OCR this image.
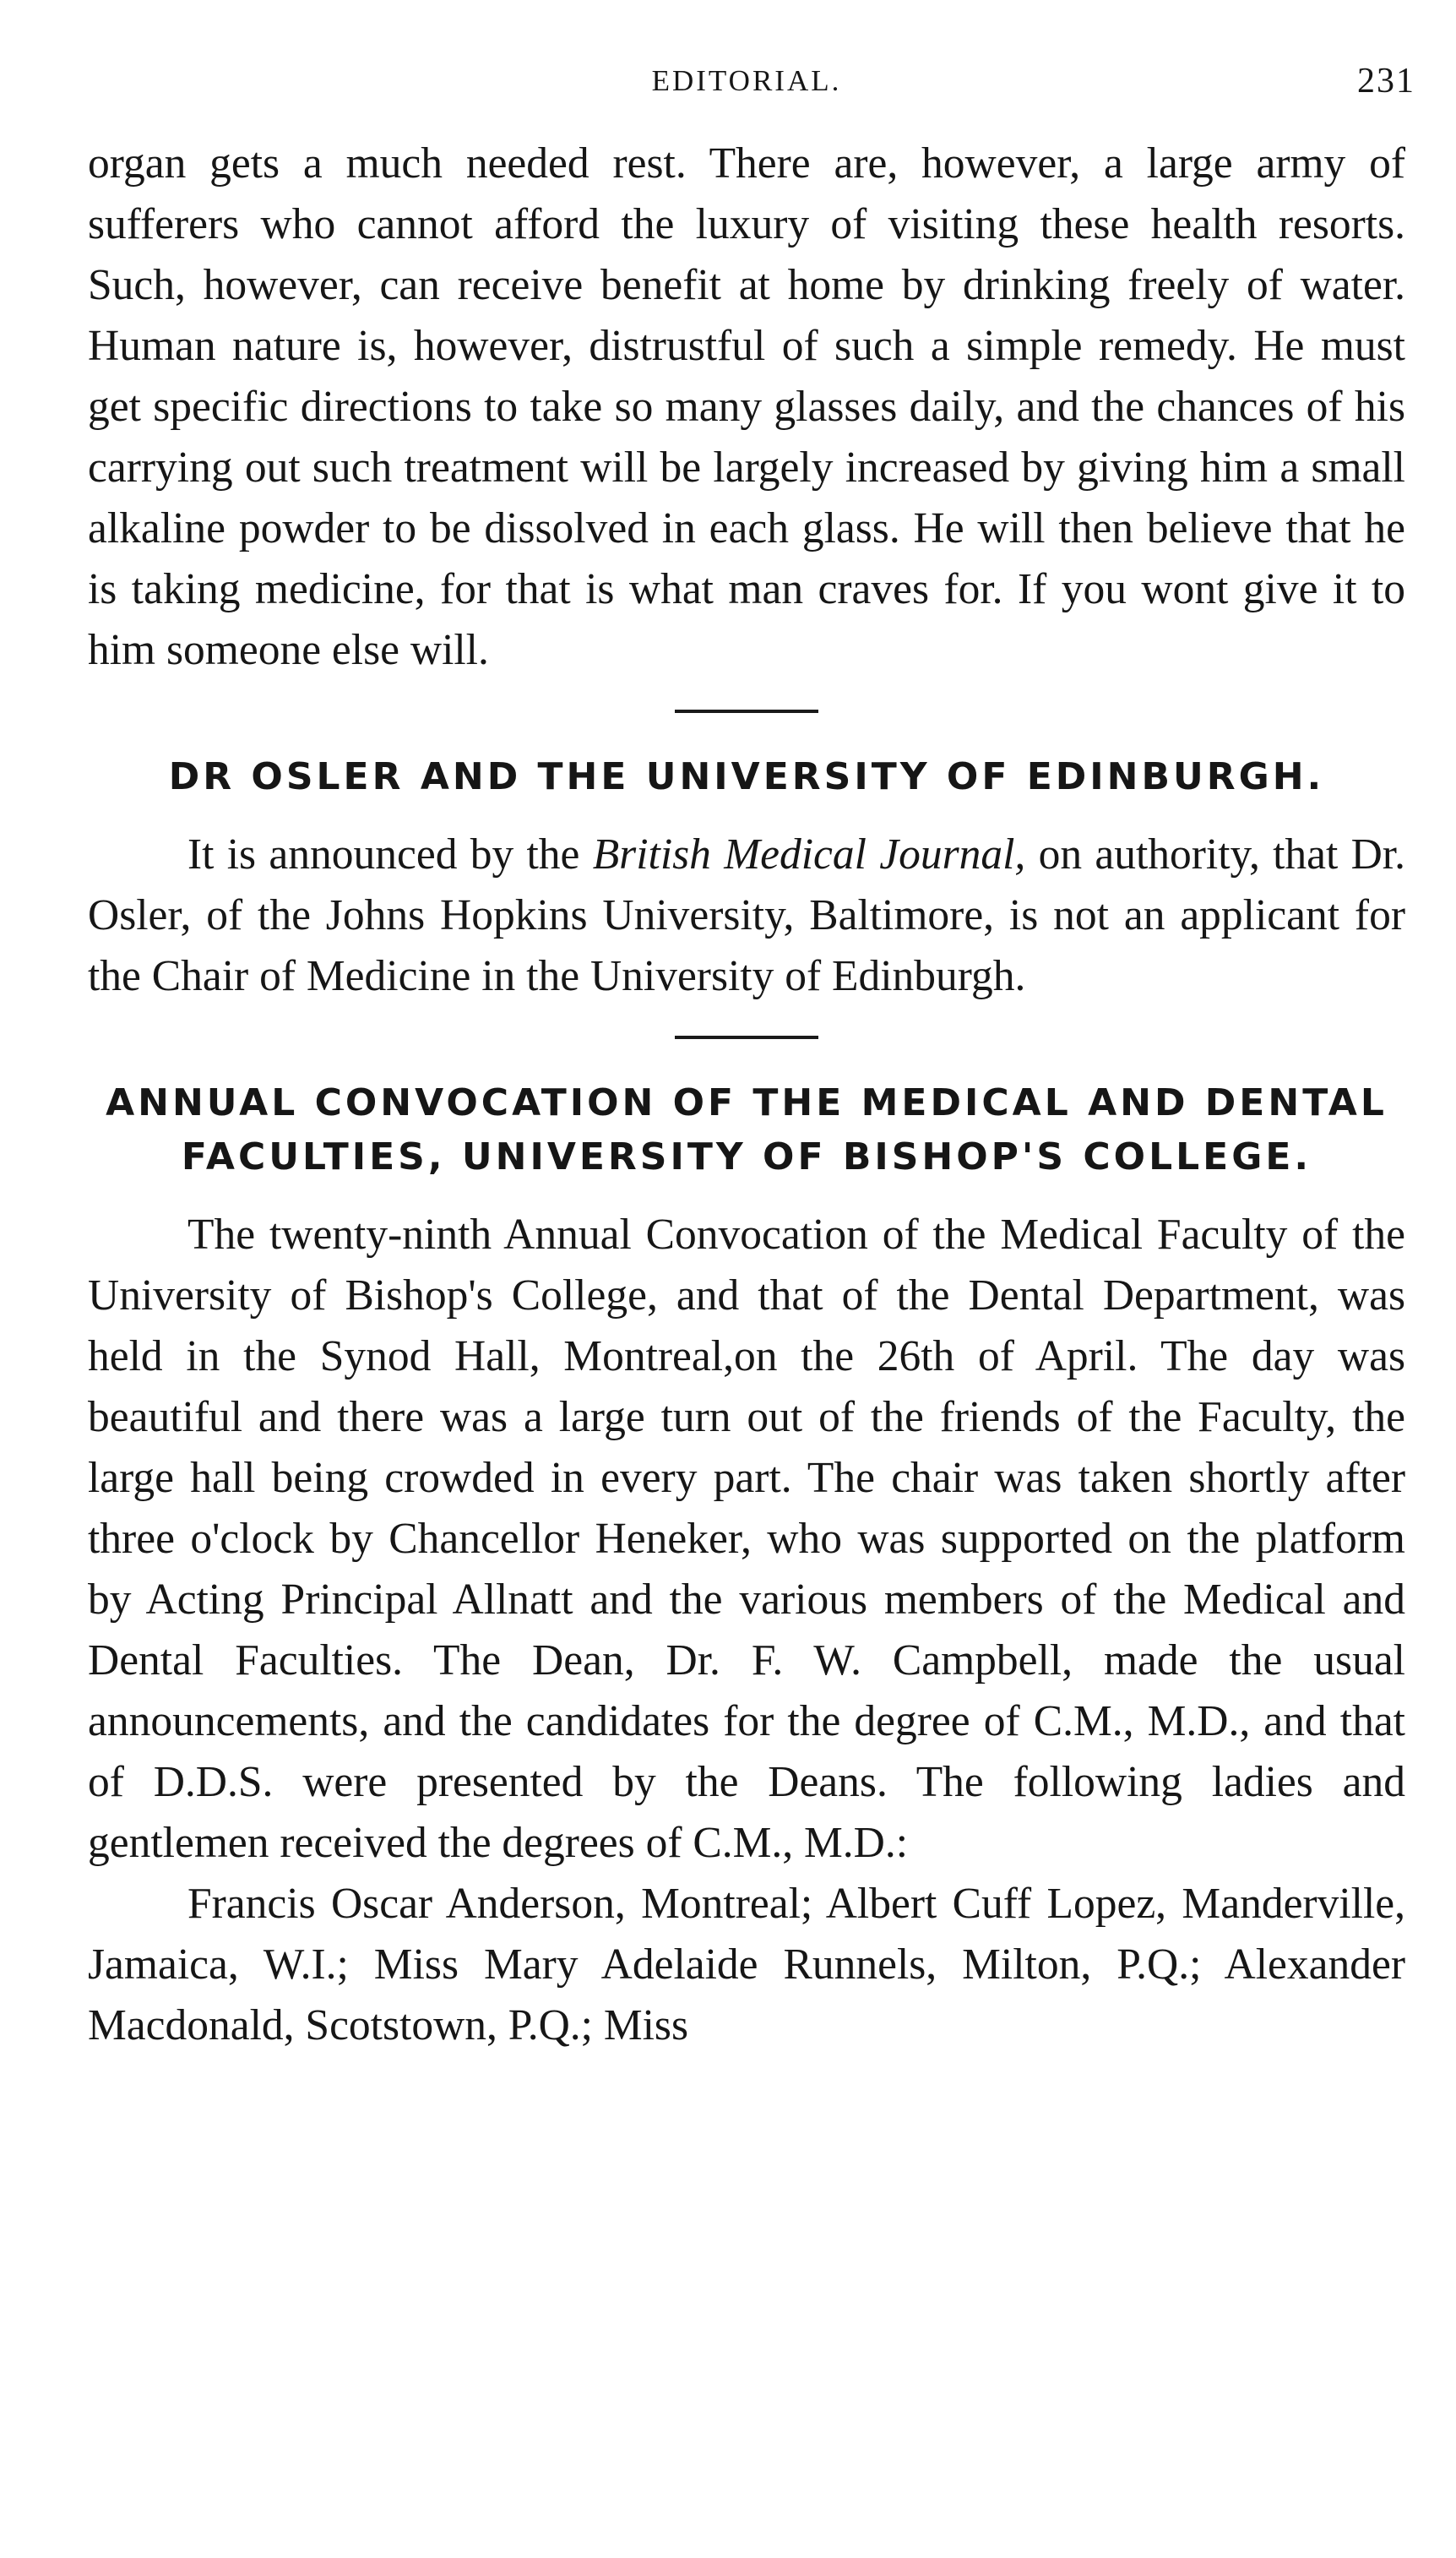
EDITORIAL.	231

organ gets a much needed rest. There are, however, a large army of sufferers who cannot afford the luxury of visiting these health resorts. Such, however, can receive benefit at home by drinking freely of water. Human nature is, however, distrustful of such a simple remedy. He must get specific directions to take so many glasses daily, and the chances of his carrying out such treatment will be largely increased by giving him a small alkaline powder to be dissolved in each glass. He will then believe that he is taking medicine, for that is what man craves for. If you wont give it to him someone else will.

DR OSLER AND THE UNIVERSITY OF EDINBURGH.

It is announced by the British Medical Journal, on authority, that Dr. Osler, of the Johns Hopkins University, Baltimore, is not an applicant for the Chair of Medicine in the University of Edinburgh.

ANNUAL CONVOCATION OF THE MEDICAL AND DENTAL FACULTIES, UNIVERSITY OF BISHOP'S COLLEGE.

The twenty-ninth Annual Convocation of the Medical Faculty of the University of Bishop's College, and that of the Dental Department, was held in the Synod Hall, Montreal,on the 26th of April. The day was beautiful and there was a large turn out of the friends of the Faculty, the large hall being crowded in every part. The chair was taken shortly after three o'clock by Chancellor Heneker, who was supported on the platform by Acting Principal Allnatt and the various members of the Medical and Dental Faculties. The Dean, Dr. F. W. Campbell, made the usual announcements, and the candidates for the degree of C.M., M.D., and that of D.D.S. were presented by the Deans. The following ladies and gentlemen received the degrees of C.M., M.D.:

Francis Oscar Anderson, Montreal; Albert Cuff Lopez, Manderville, Jamaica, W.I.; Miss Mary Adelaide Runnels, Milton, P.Q.; Alexander Macdonald, Scotstown, P.Q.; Miss
